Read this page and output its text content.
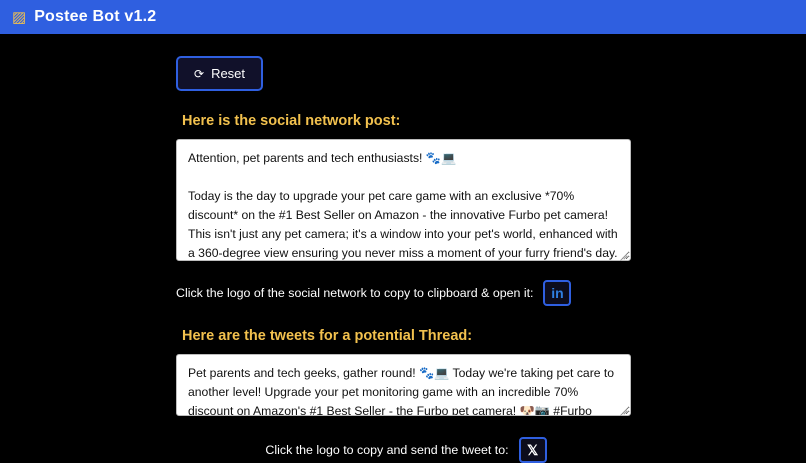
▨ Postee Bot v1.2
⟳ Reset
Here is the social network post:
Attention, pet parents and tech enthusiasts! 🐾💻 Today is the day to upgrade your pet care game with an exclusive *70% discount* on the #1 Best Seller on Amazon - the innovative Furbo pet camera! This isn't just any pet camera; it's a window into your pet's world, enhanced with a 360-degree view ensuring you never miss a moment of your furry friend's day. Key features you'll love:
Click the logo of the social network to copy to clipboard & open it: in
Here are the tweets for a potential Thread:
Pet parents and tech geeks, gather round! 🐾💻 Today we're taking pet care to another level! Upgrade your pet monitoring game with an incredible 70% discount on Amazon's #1 Best Seller - the Furbo pet camera! 🐶📷 #Furbo #PetCam
Click the logo to copy and send the tweet to: 𝕏
